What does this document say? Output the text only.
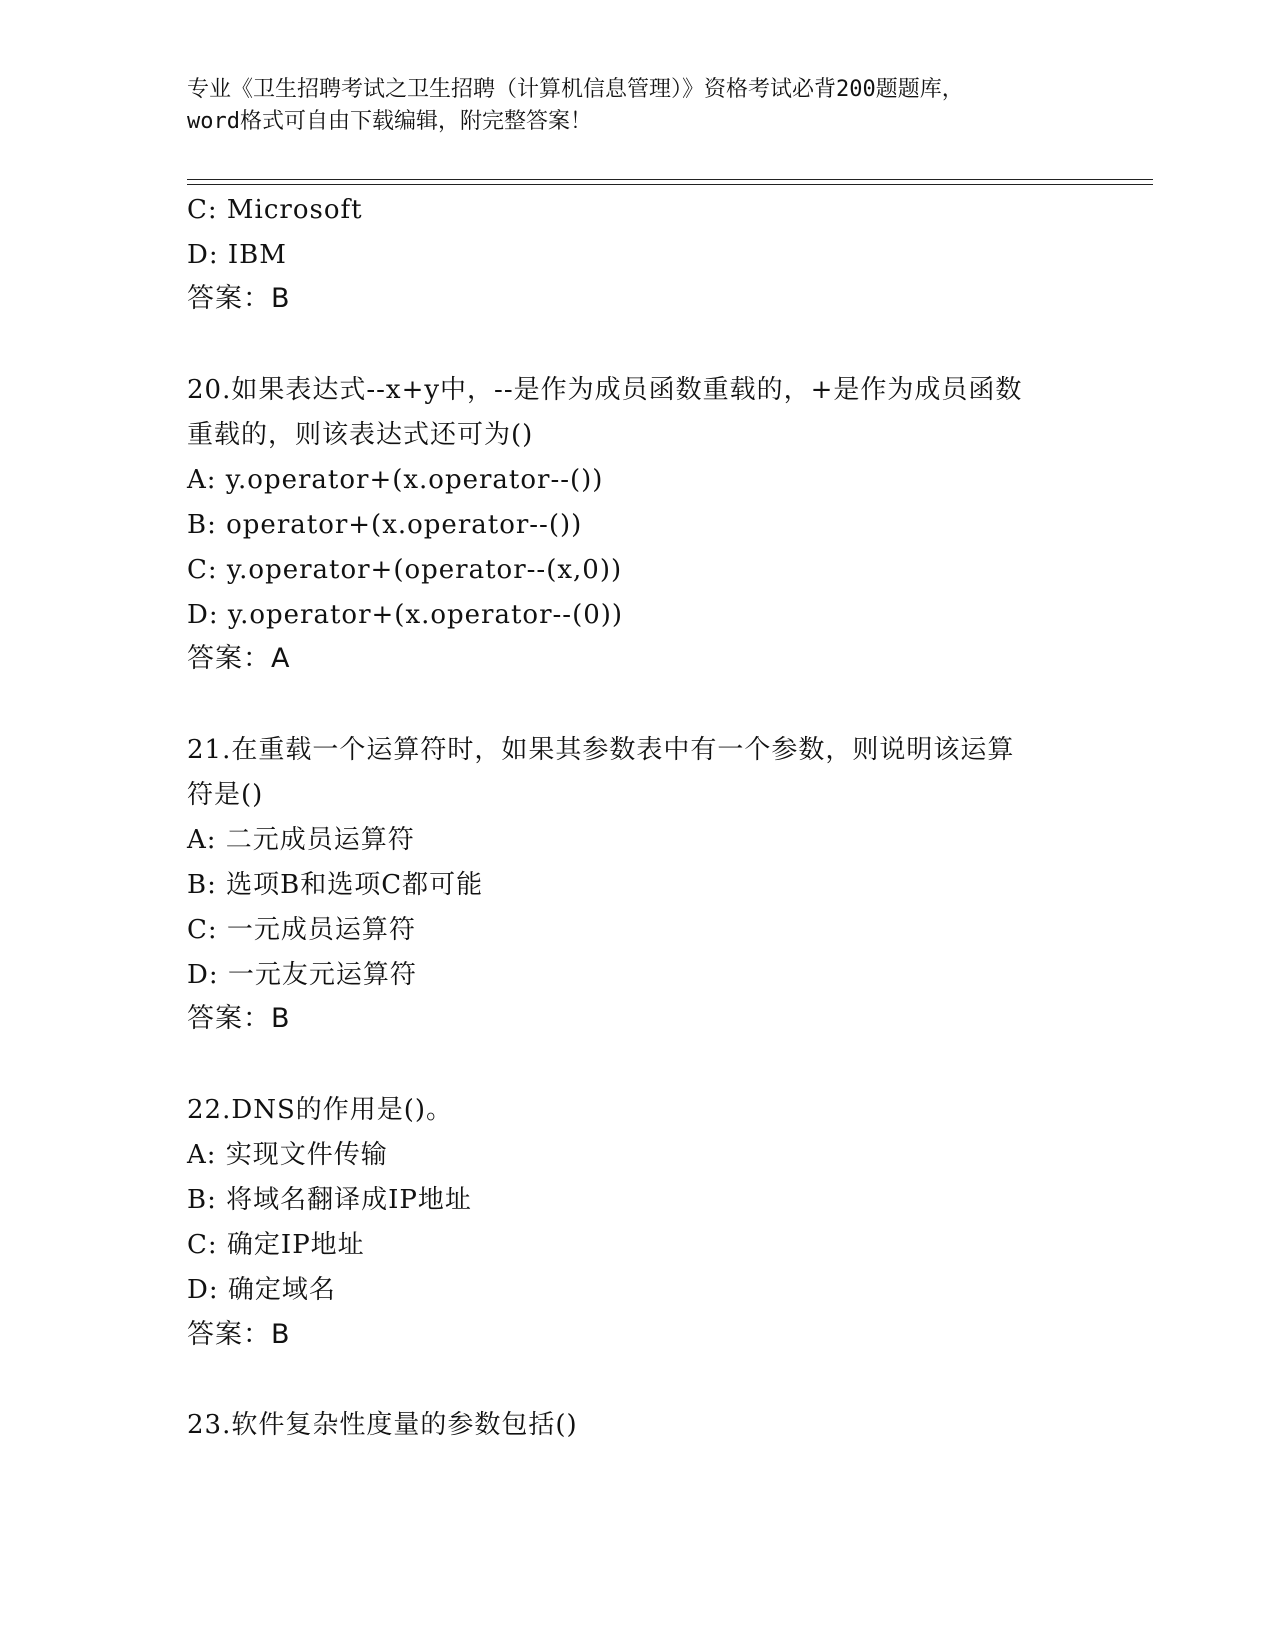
专业《卫生招聘考试之卫生招聘（计算机信息管理）》资格考试必背200题题库，
word格式可自由下载编辑，附完整答案！
C: Microsoft
D: IBM
答案：B
20.如果表达式--x+y中，--是作为成员函数重载的，+是作为成员函数
重载的，则该表达式还可为()
A: y.operator+(x.operator--())
B: operator+(x.operator--())
C: y.operator+(operator--(x,0))
D: y.operator+(x.operator--(0))
答案：A
21.在重载一个运算符时，如果其参数表中有一个参数，则说明该运算
符是()
A: 二元成员运算符
B: 选项B和选项C都可能
C: 一元成员运算符
D: 一元友元运算符
答案：B
22.DNS的作用是()。
A: 实现文件传输
B: 将域名翻译成IP地址
C: 确定IP地址
D: 确定域名
答案：B
23.软件复杂性度量的参数包括()
